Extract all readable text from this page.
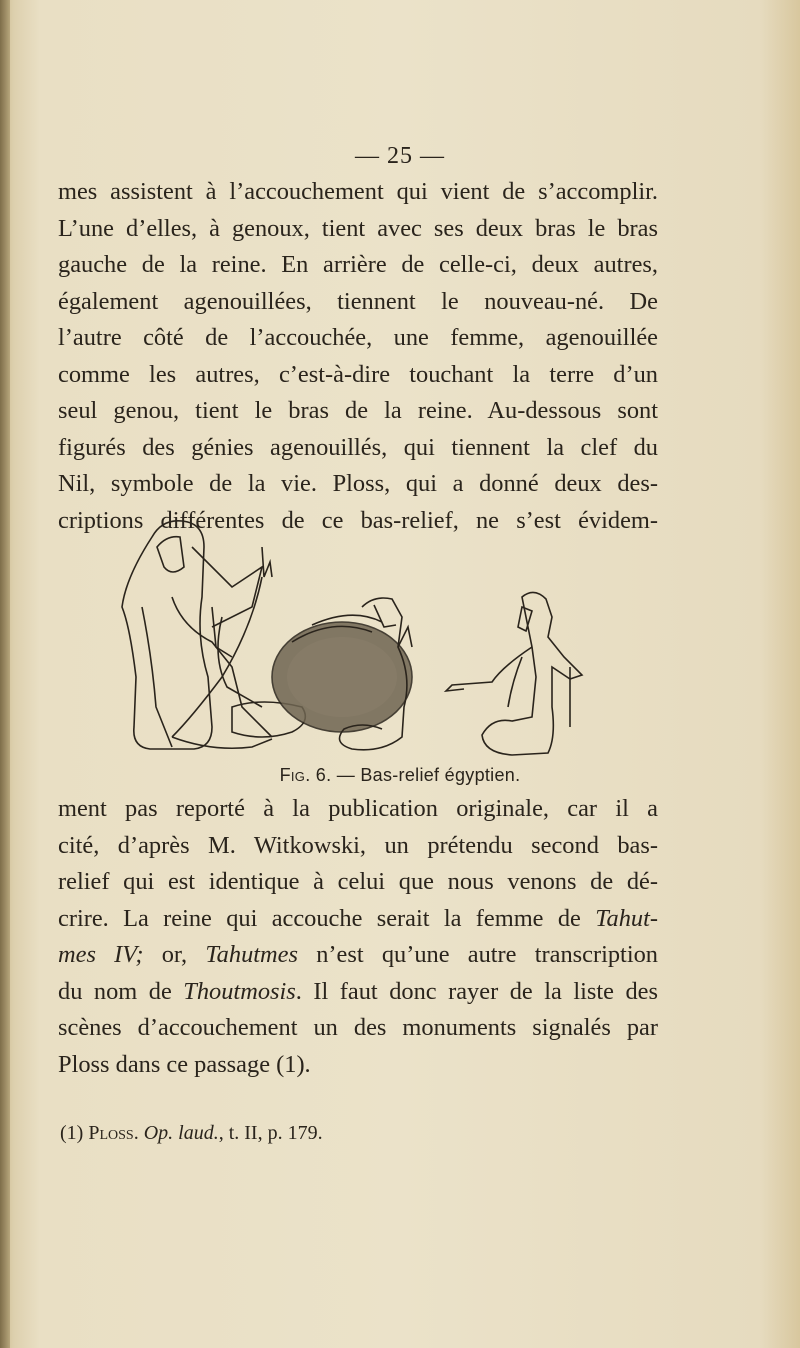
— 25 —
mes assistent à l’accouchement qui vient de s’accomplir.
L’une d’elles, à genoux, tient avec ses deux bras le bras
gauche de la reine. En arrière de celle-ci, deux autres,
également agenouillées, tiennent le nouveau-né. De
l’autre côté de l’accouchée, une femme, agenouillée
comme les autres, c’est-à-dire touchant la terre d’un
seul genou, tient le bras de la reine. Au-dessous sont
figurés des génies agenouillés, qui tiennent la clef du
Nil, symbole de la vie. Ploss, qui a donné deux des-
criptions différentes de ce bas-relief, ne s’est évidem-
Fig. 6. — Bas-relief égyptien.
ment pas reporté à la publication originale, car il a
cité, d’après M. Witkowski, un prétendu second bas-
relief qui est identique à celui que nous venons de dé-
crire. La reine qui accouche serait la femme de Tahut-
mes IV; or, Tahutmes n’est qu’une autre transcription
du nom de Thoutmosis. Il faut donc rayer de la liste des
scènes d’accouchement un des monuments signalés par
Ploss dans ce passage (1).
(1) Ploss. Op. laud., t. II, p. 179.
